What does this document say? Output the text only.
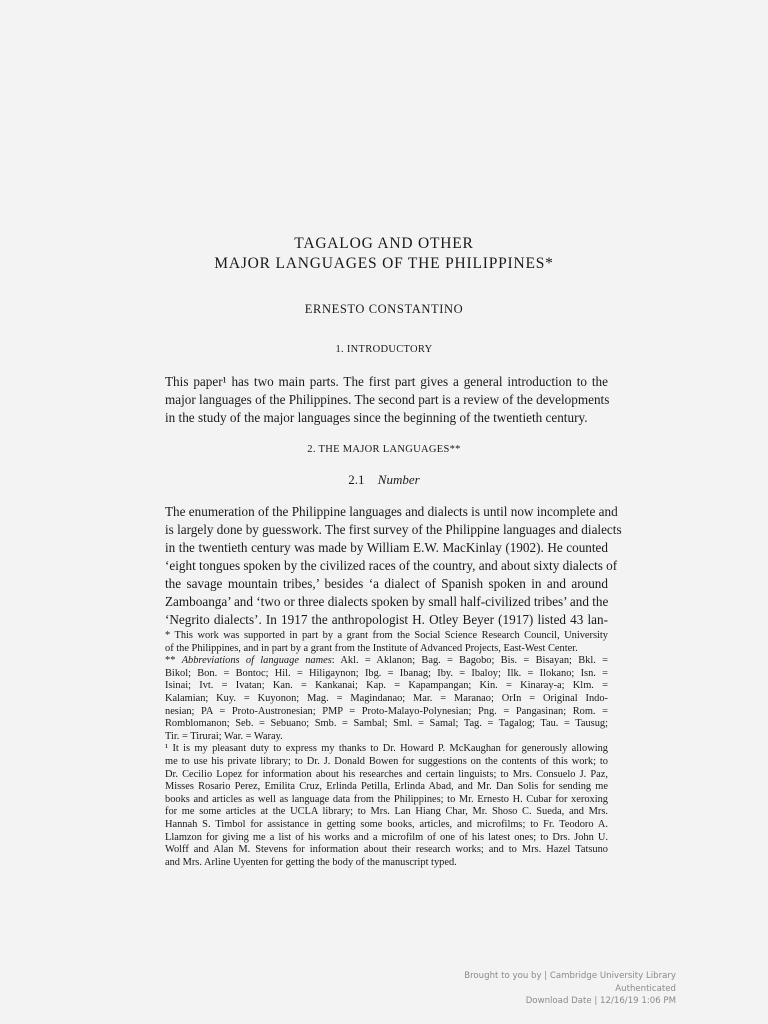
TAGALOG AND OTHER
MAJOR LANGUAGES OF THE PHILIPPINES*
ERNESTO CONSTANTINO
1. INTRODUCTORY
This paper¹ has two main parts. The first part gives a general introduction to the
major languages of the Philippines. The second part is a review of the developments
in the study of the major languages since the beginning of the twentieth century.
2. THE MAJOR LANGUAGES**
2.1 Number
The enumeration of the Philippine languages and dialects is until now incomplete and
is largely done by guesswork. The first survey of the Philippine languages and dialects
in the twentieth century was made by William E.W. MacKinlay (1902). He counted
‘eight tongues spoken by the civilized races of the country, and about sixty dialects of
the savage mountain tribes,’ besides ‘a dialect of Spanish spoken in and around
Zamboanga’ and ‘two or three dialects spoken by small half-civilized tribes’ and the
‘Negrito dialects’. In 1917 the anthropologist H. Otley Beyer (1917) listed 43 lan-
* This work was supported in part by a grant from the Social Science Research Council, University
of the Philippines, and in part by a grant from the Institute of Advanced Projects, East-West Center.
** Abbreviations of language names: Akl. = Aklanon; Bag. = Bagobo; Bis. = Bisayan; Bkl. =
Bikol; Bon. = Bontoc; Hil. = Hiligaynon; Ibg. = Ibanag; Iby. = Ibaloy; Ilk. = Ilokano; Isn. =
Isinai; Ivt. = Ivatan; Kan. = Kankanai; Kap. = Kapampangan; Kin. = Kinaray-a; Klm. =
Kalamian; Kuy. = Kuyonon; Mag. = Magindanao; Mar. = Maranao; OrIn = Original Indo-
nesian; PA = Proto-Austronesian; PMP = Proto-Malayo-Polynesian; Png. = Pangasinan; Rom. =
Romblomanon; Seb. = Sebuano; Smb. = Sambal; Sml. = Samal; Tag. = Tagalog; Tau. = Tausug;
Tir. = Tirurai; War. = Waray.
¹ It is my pleasant duty to express my thanks to Dr. Howard P. McKaughan for generously allowing
me to use his private library; to Dr. J. Donald Bowen for suggestions on the contents of this work; to
Dr. Cecilio Lopez for information about his researches and certain linguists; to Mrs. Consuelo J. Paz,
Misses Rosario Perez, Emilita Cruz, Erlinda Petilla, Erlinda Abad, and Mr. Dan Solis for sending me
books and articles as well as language data from the Philippines; to Mr. Ernesto H. Cubar for xeroxing
for me some articles at the UCLA library; to Mrs. Lan Hiang Char, Mr. Shoso C. Sueda, and Mrs.
Hannah S. Timbol for assistance in getting some books, articles, and microfilms; to Fr. Teodoro A.
Llamzon for giving me a list of his works and a microfilm of one of his latest ones; to Drs. John U.
Wolff and Alan M. Stevens for information about their research works; and to Mrs. Hazel Tatsuno
and Mrs. Arline Uyenten for getting the body of the manuscript typed.
Brought to you by | Cambridge University Library
Authenticated
Download Date | 12/16/19 1:06 PM
